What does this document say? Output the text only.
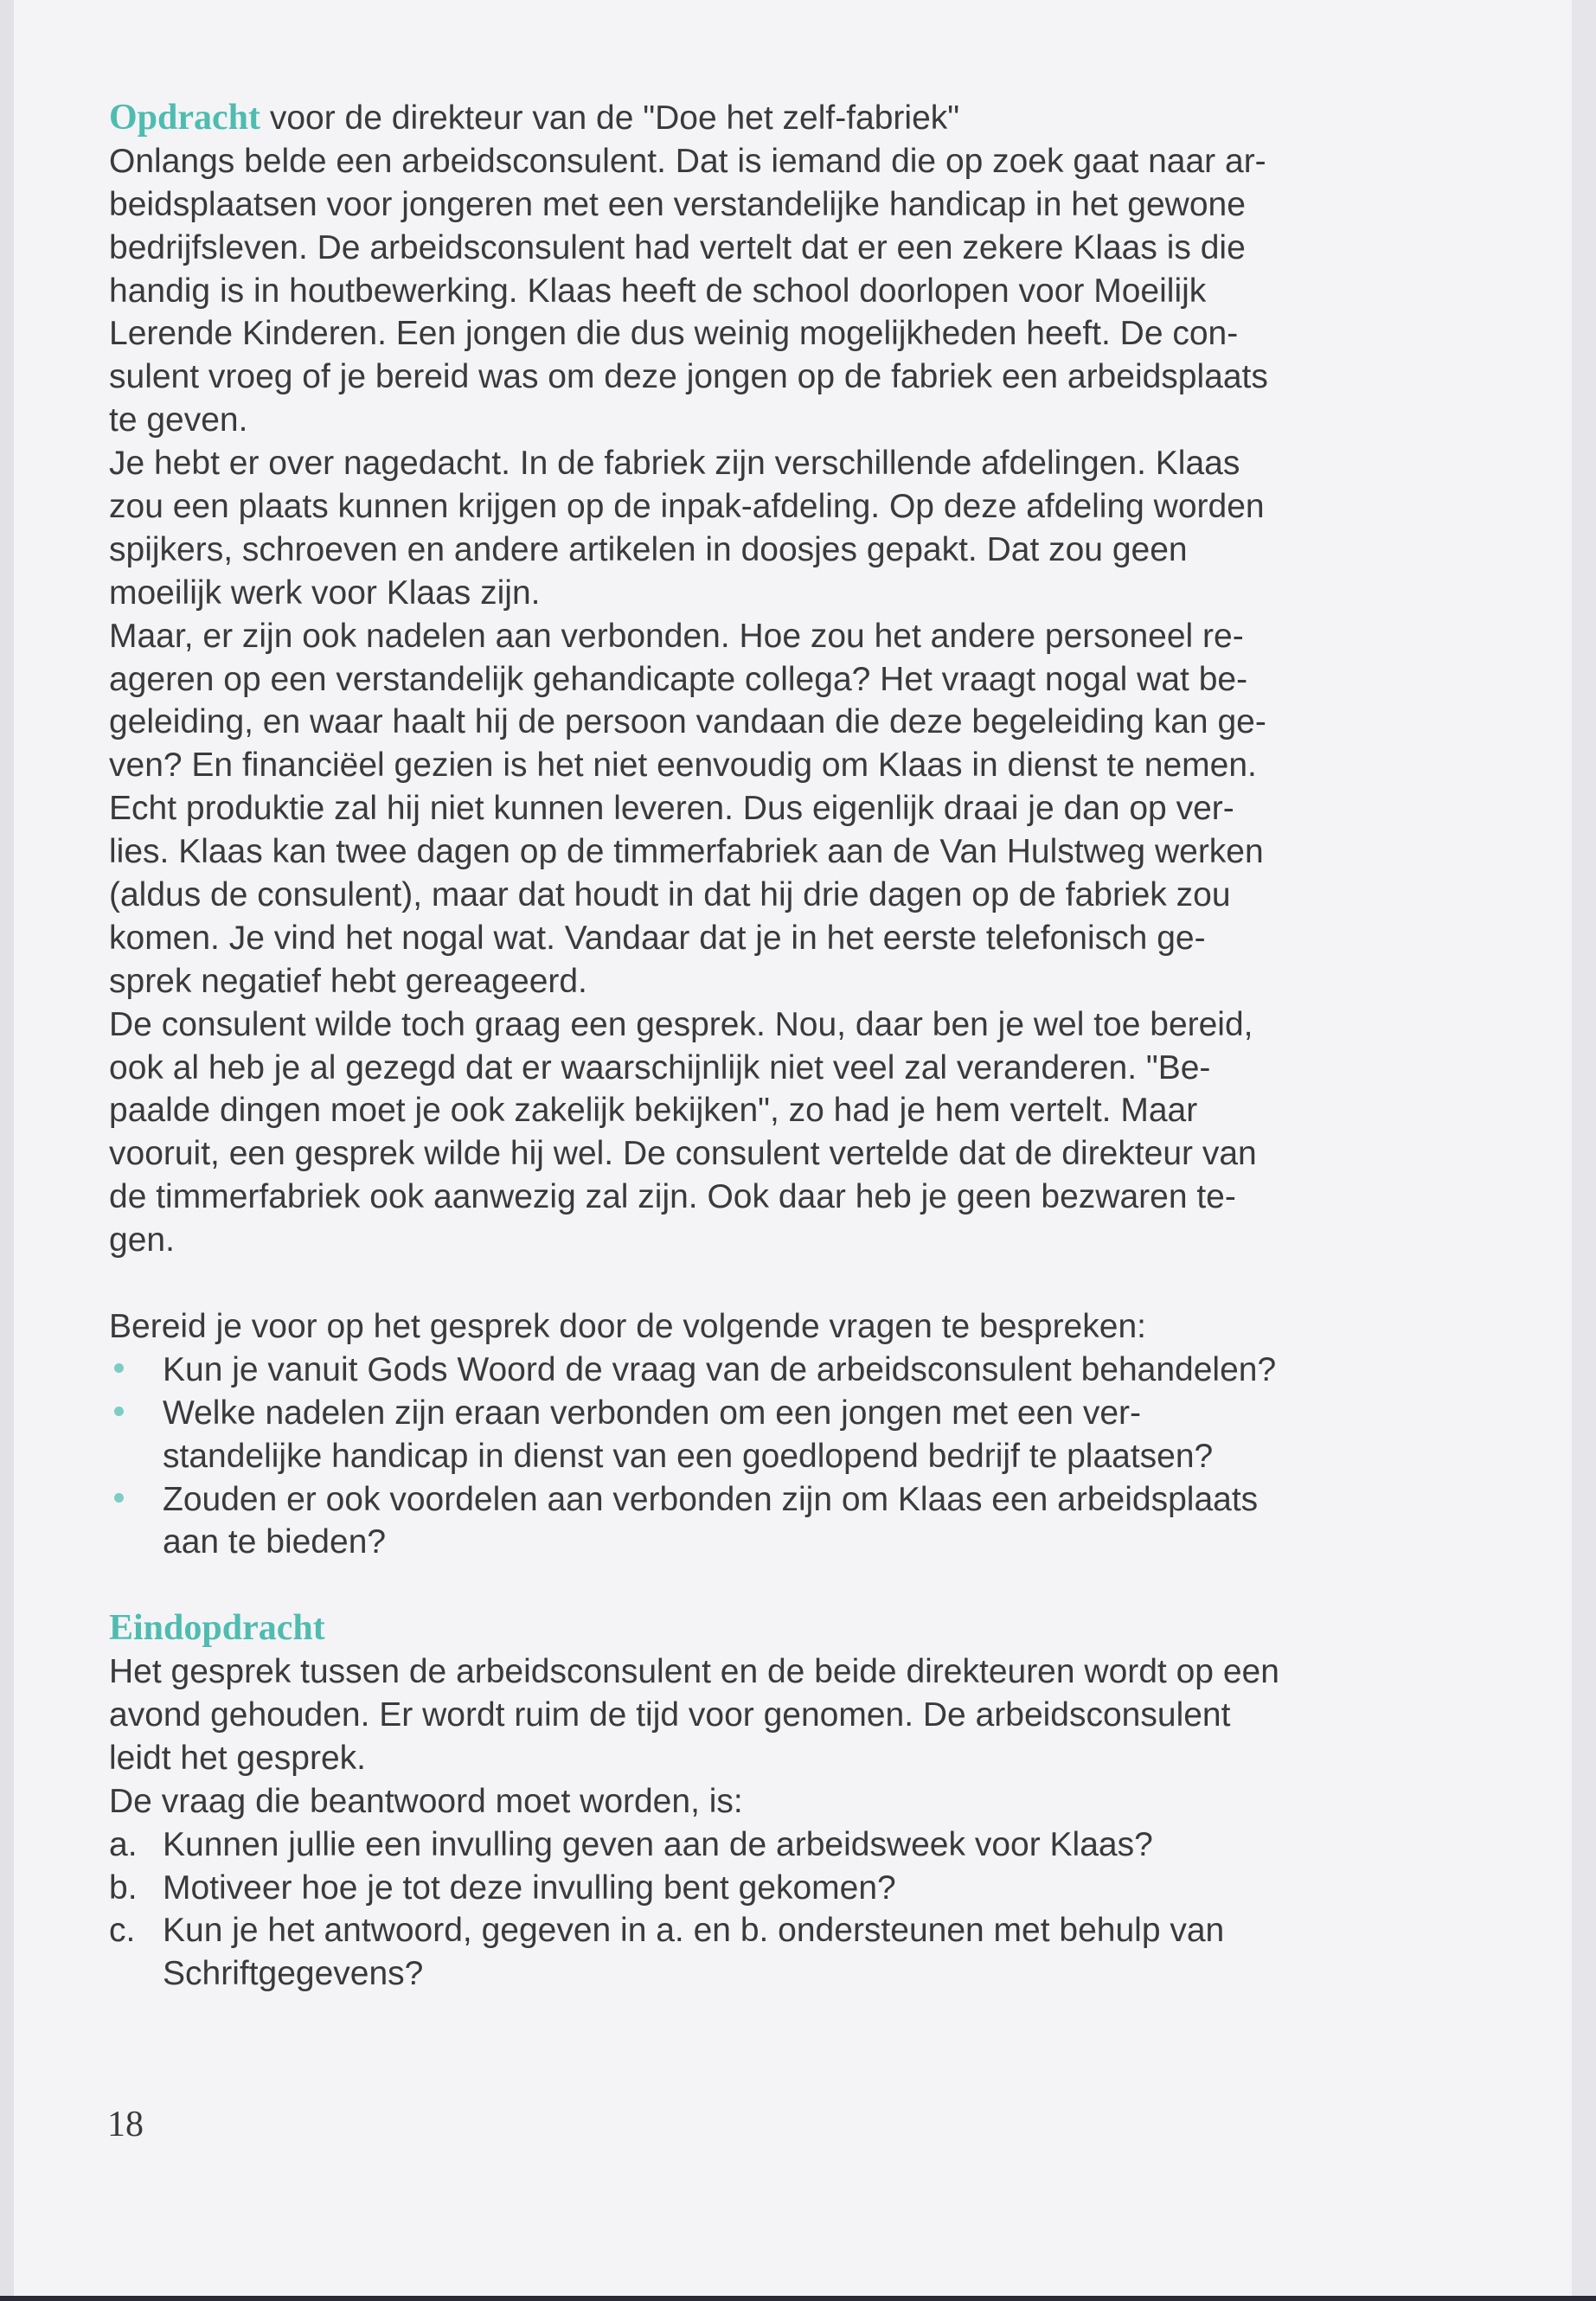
Opdracht voor de direkteur van de "Doe het zelf-fabriek"
Onlangs belde een arbeidsconsulent. Dat is iemand die op zoek gaat naar ar-
beidsplaatsen voor jongeren met een verstandelijke handicap in het gewone
bedrijfsleven. De arbeidsconsulent had vertelt dat er een zekere Klaas is die
handig is in houtbewerking. Klaas heeft de school doorlopen voor Moeilijk
Lerende Kinderen. Een jongen die dus weinig mogelijkheden heeft. De con-
sulent vroeg of je bereid was om deze jongen op de fabriek een arbeidsplaats
te geven.
Je hebt er over nagedacht. In de fabriek zijn verschillende afdelingen. Klaas
zou een plaats kunnen krijgen op de inpak-afdeling. Op deze afdeling worden
spijkers, schroeven en andere artikelen in doosjes gepakt. Dat zou geen
moeilijk werk voor Klaas zijn.
Maar, er zijn ook nadelen aan verbonden. Hoe zou het andere personeel re-
ageren op een verstandelijk gehandicapte collega? Het vraagt nogal wat be-
geleiding, en waar haalt hij de persoon vandaan die deze begeleiding kan ge-
ven? En financiëel gezien is het niet eenvoudig om Klaas in dienst te nemen.
Echt produktie zal hij niet kunnen leveren. Dus eigenlijk draai je dan op ver-
lies. Klaas kan twee dagen op de timmerfabriek aan de Van Hulstweg werken
(aldus de consulent), maar dat houdt in dat hij drie dagen op de fabriek zou
komen. Je vind het nogal wat. Vandaar dat je in het eerste telefonisch ge-
sprek negatief hebt gereageerd.
De consulent wilde toch graag een gesprek. Nou, daar ben je wel toe bereid,
ook al heb je al gezegd dat er waarschijnlijk niet veel zal veranderen. "Be-
paalde dingen moet je ook zakelijk bekijken", zo had je hem vertelt. Maar
vooruit, een gesprek wilde hij wel. De consulent vertelde dat de direkteur van
de timmerfabriek ook aanwezig zal zijn. Ook daar heb je geen bezwaren te-
gen.
Bereid je voor op het gesprek door de volgende vragen te bespreken:
Kun je vanuit Gods Woord de vraag van de arbeidsconsulent behandelen?
Welke nadelen zijn eraan verbonden om een jongen met een ver-
standelijke handicap in dienst van een goedlopend bedrijf te plaatsen?
Zouden er ook voordelen aan verbonden zijn om Klaas een arbeidsplaats
aan te bieden?
Eindopdracht
Het gesprek tussen de arbeidsconsulent en de beide direkteuren wordt op een
avond gehouden. Er wordt ruim de tijd voor genomen. De arbeidsconsulent
leidt het gesprek.
De vraag die beantwoord moet worden, is:
a. Kunnen jullie een invulling geven aan de arbeidsweek voor Klaas?
b. Motiveer hoe je tot deze invulling bent gekomen?
c. Kun je het antwoord, gegeven in a. en b. ondersteunen met behulp van
Schriftgegevens?
18
